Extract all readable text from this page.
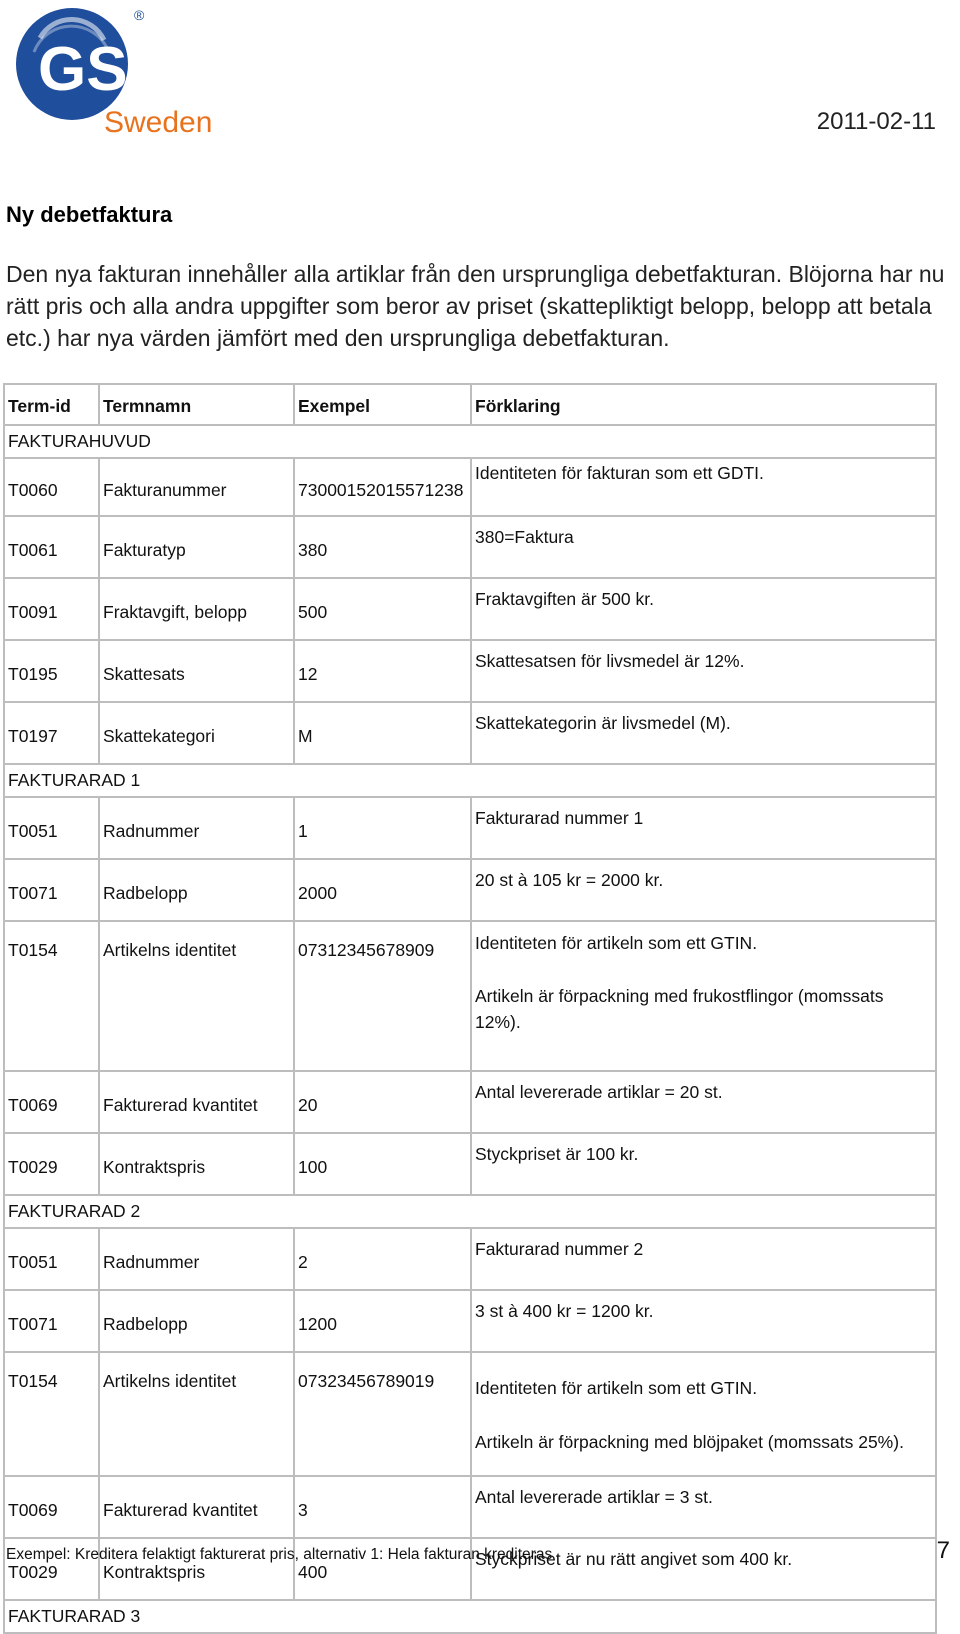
GS1
®
Sweden	2011-02-11
Ny debetfaktura

Den nya fakturan innehåller alla artiklar från den ursprungliga debetfakturan. Blöjorna har nu rätt pris och alla andra uppgifter som beror av priset (skattepliktigt belopp, belopp att betala etc.) har nya värden jämfört med den ursprungliga debetfakturan.

Term-id	Termnamn	Exempel	Förklaring
FAKTURAHUVUD			
T0060	Fakturanummer	73000152015571238	Identiteten för fakturan som ett GDTI.
T0061	Fakturatyp	380	380=Faktura
T0091	Fraktavgift, belopp	500	Fraktavgiften är 500 kr.
T0195	Skattesats	12	Skattesatsen för livsmedel är 12%.
T0197	Skattekategori	M	Skattekategorin är livsmedel (M).
FAKTURARAD 1			
T0051	Radnummer	1	Fakturarad nummer 1
T0071	Radbelopp	2000	20 st à 105 kr = 2000 kr.
T0154	Artikelns identitet	07312345678909	Identiteten för artikeln som ett GTIN.
Artikeln är förpackning med frukostflingor (momssats 12%).

T0069	Fakturerad kvantitet	20	Antal levererade artiklar = 20 st.
T0029	Kontraktspris	100	Styckpriset är 100 kr.
FAKTURARAD 2			
T0051	Radnummer	2	Fakturarad nummer 2
T0071	Radbelopp	1200	3 st à 400 kr = 1200 kr.
T0154	Artikelns identitet	07323456789019	Identiteten för artikeln som ett GTIN.
Artikeln är förpackning med blöjpaket (momssats 25%).

T0069	Fakturerad kvantitet	3	Antal levererade artiklar = 3 st.
T0029	Kontraktspris	400	Styckpriset är nu rätt angivet som 400 kr.
FAKTURARAD 3			
Exempel: Kreditera felaktigt fakturerat pris, alternativ 1: Hela fakturan krediteras	7
